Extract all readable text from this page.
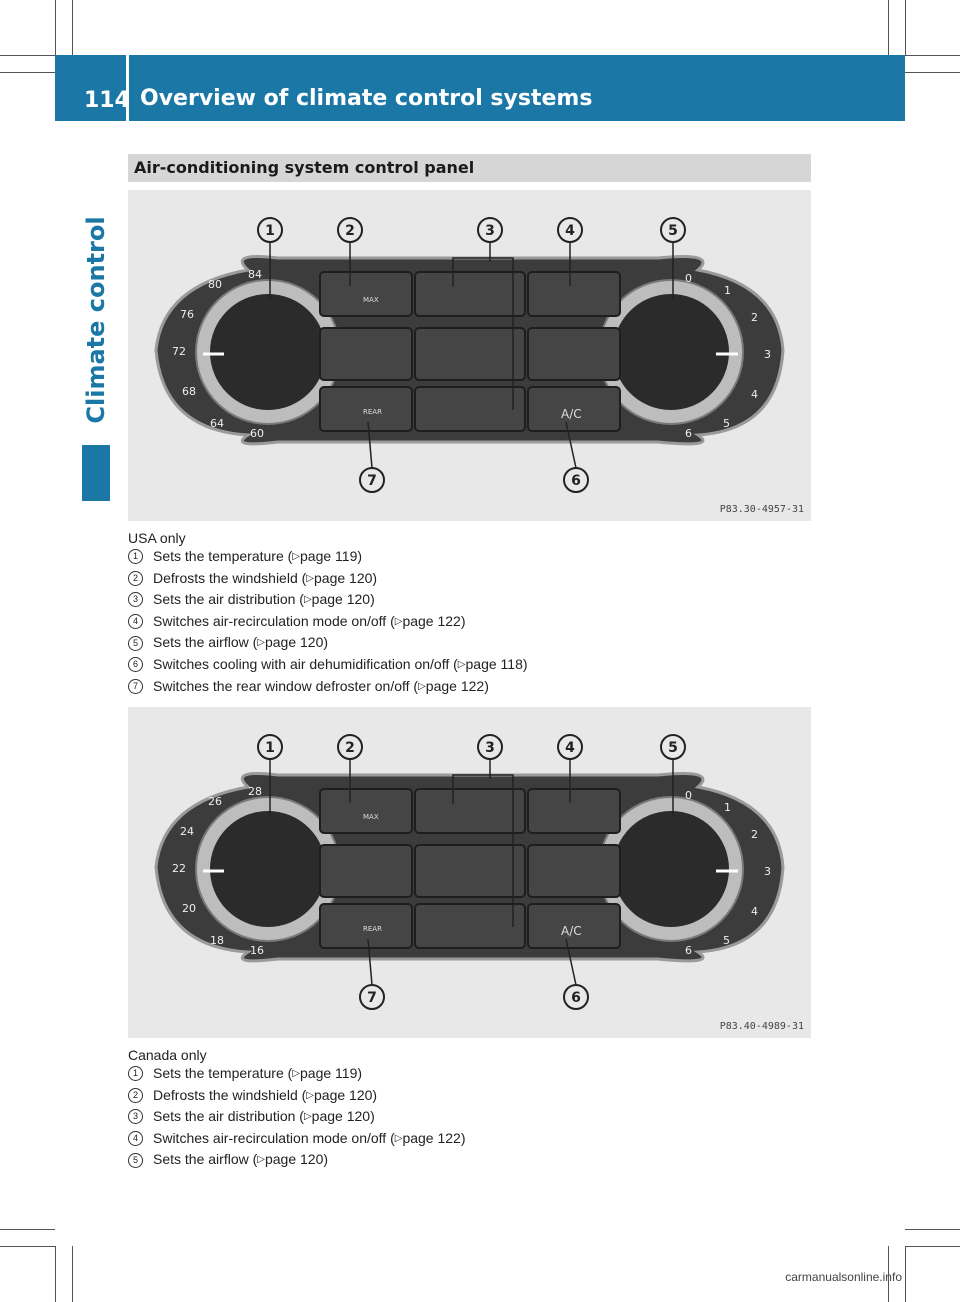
114 Overview of climate control systems
Climate control
Air-conditioning system control panel
MAX
REAR	A/C
84
80
76
72
68
64
60
0
1
2
3
4
5
6
1	2	3	4	5
6
7
P83.30-4957-31
USA only
1	Sets the temperature ( ▷ page 119)
2	Defrosts the windshield ( ▷ page 120)
3	Sets the air distribution ( ▷ page 120)
4	Switches air-recirculation mode on/off ( ▷ page 122)
5	Sets the airflow ( ▷ page 120)
6	Switches cooling with air dehumidification on/off ( ▷ page 118)
7	Switches the rear window defroster on/off ( ▷ page 122)
MAX
REAR	A/C
28
26
24
22
20
18
16
0
1
2
3
4
5
6
1	2	3	4	5
6
7
P83.40-4989-31
Canada only
1	Sets the temperature ( ▷ page 119)
2	Defrosts the windshield ( ▷ page 120)
3	Sets the air distribution ( ▷ page 120)
4	Switches air-recirculation mode on/off ( ▷ page 122)
5	Sets the airflow ( ▷ page 120)
carmanualsonline.info
